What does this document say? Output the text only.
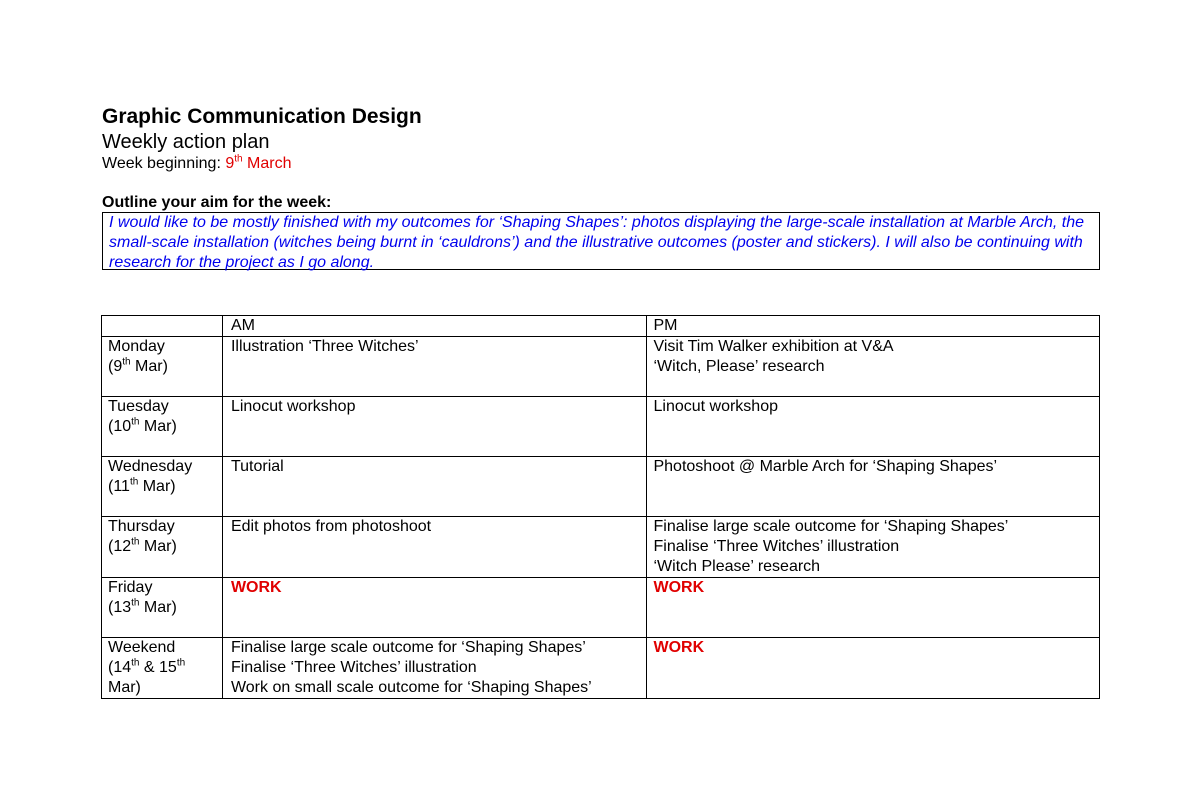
Graphic Communication Design
Weekly action plan
Week beginning: 9th March
Outline your aim for the week:
I would like to be mostly finished with my outcomes for ‘Shaping Shapes’: photos displaying the large-scale installation at Marble Arch, the small-scale installation (witches being burnt in ‘cauldrons’) and the illustrative outcomes (poster and stickers). I will also be continuing with research for the project as I go along.
	AM	PM

Monday
(9th Mar)	Illustration ‘Three Witches’	Visit Tim Walker exhibition at V&A
‘Witch, Please’ research

Tuesday
(10th Mar)	Linocut workshop	Linocut workshop

Wednesday
(11th Mar)	Tutorial	Photoshoot @ Marble Arch for ‘Shaping Shapes’

Thursday
(12th Mar)	Edit photos from photoshoot	Finalise large scale outcome for ‘Shaping Shapes’
Finalise ‘Three Witches’ illustration
‘Witch Please’ research

Friday
(13th Mar)	WORK	WORK

Weekend
(14th & 15th
Mar)	Finalise large scale outcome for ‘Shaping Shapes’
Finalise ‘Three Witches’ illustration
Work on small scale outcome for ‘Shaping Shapes’	WORK
